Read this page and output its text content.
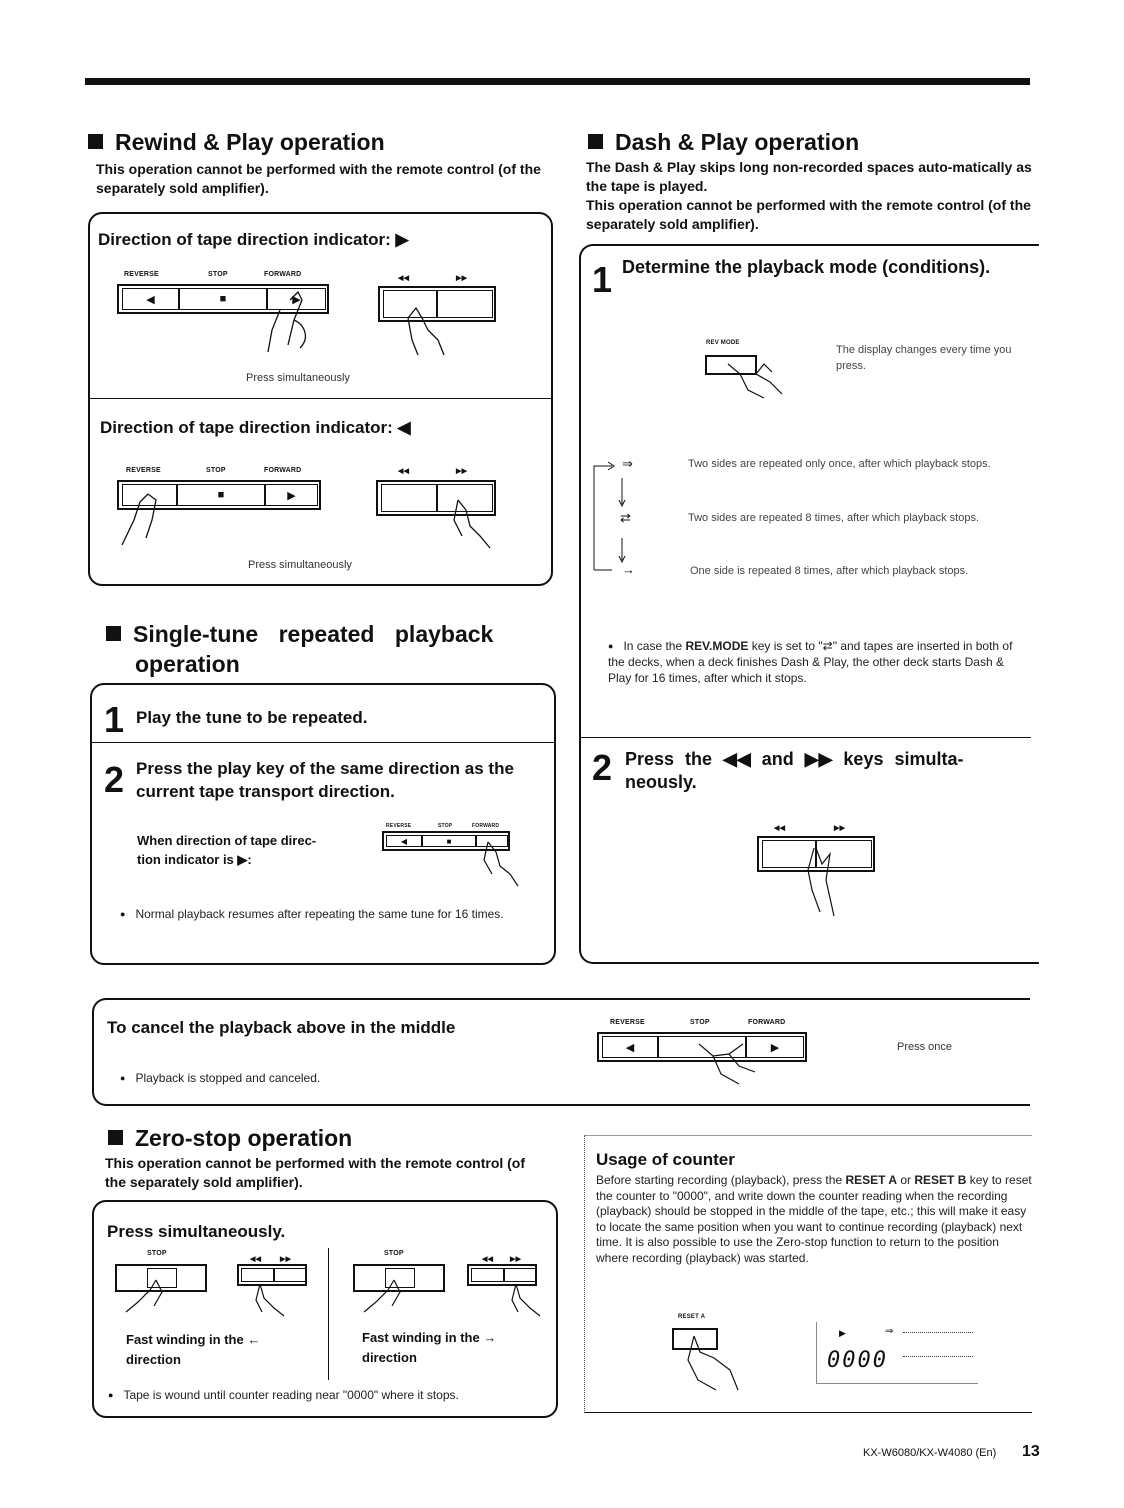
Rewind & Play operation
This operation cannot be performed with the remote control (of the separately sold amplifier).
Direction of tape direction indicator: ▶
REVERSE	STOP	FORWARD
◀	■	▶
◀◀	▶▶
Press simultaneously
Direction of tape direction indicator: ◀
REVERSE	STOP	FORWARD
■	▶
◀◀	▶▶
Press simultaneously
Single-tune repeated playback
operation
1 Play the tune to be repeated.
2 Press the play key of the same direction as the current tape transport direction.
When direction of tape direc-
tion indicator is ▶:
REVERSE	STOP	FORWARD
◀	■
● Normal playback resumes after repeating the same tune for 16 times.
Dash & Play operation
The Dash & Play skips long non-recorded spaces auto-matically as the tape is played.
This operation cannot be performed with the remote control (of the separately sold amplifier).
1 Determine the playback mode (conditions).
REV MODE
The display changes every time you press.
⇒	Two sides are repeated only once, after which playback stops.
⇄	Two sides are repeated 8 times, after which playback stops.
→	One side is repeated 8 times, after which playback stops.
● In case the REV.MODE key is set to "⇄" and tapes are inserted in both of the decks, when a deck finishes Dash & Play, the other deck starts Dash & Play for 16 times, after which it stops.
2 Press the ◀◀ and ▶▶ keys simulta-
neously.
◀◀	▶▶
To cancel the playback above in the middle
● Playback is stopped and canceled.
REVERSE	STOP	FORWARD
◀	▶	Press once
Zero-stop operation
This operation cannot be performed with the remote control (of the separately sold amplifier).
Press simultaneously.
STOP
◀◀	▶▶
Fast winding in the ←
direction
STOP
◀◀ ▶▶
Fast winding in the →
direction
● Tape is wound until counter reading near "0000" where it stops.
Usage of counter
Before starting recording (playback), press the RESET A or RESET B key to reset the counter to "0000", and write down the counter reading when the recording (playback) should be stopped in the middle of the tape, etc.; this will make it easy to locate the same position when you want to continue recording (playback) next time. It is also possible to use the Zero-stop function to return to the position where recording (playback) was started.
RESET A
▶	⇒
0000
KX-W6080/KX-W4080 (En) 13
